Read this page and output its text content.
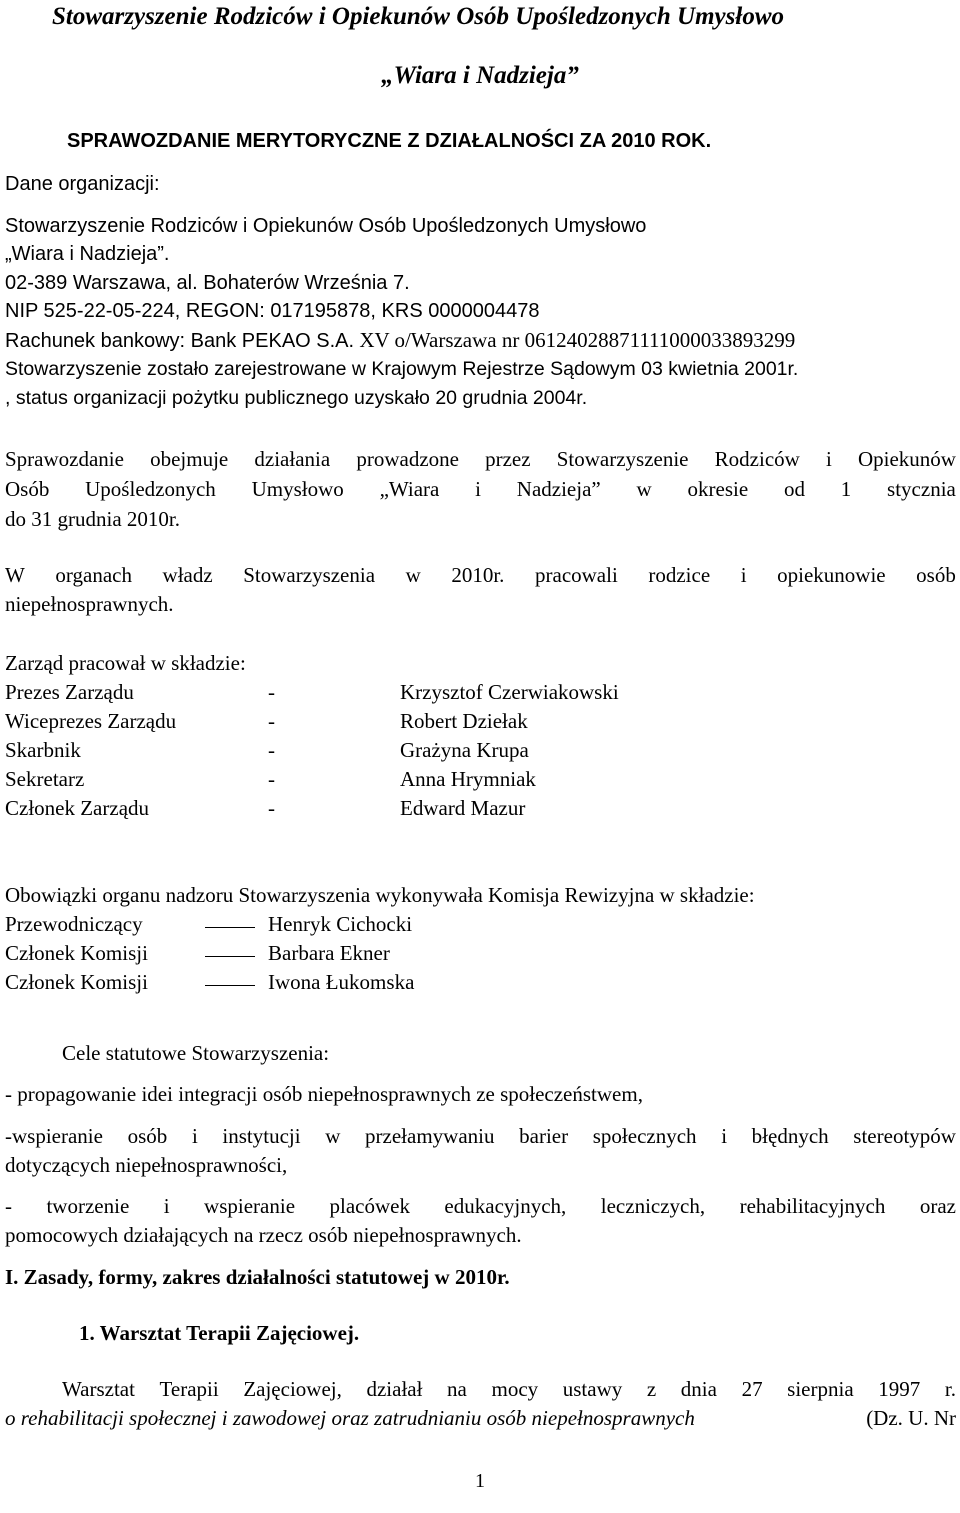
Stowarzyszenie Rodziców i Opiekunów Osób Upośledzonych Umysłowo
„Wiara i Nadzieja”
SPRAWOZDANIE MERYTORYCZNE Z DZIAŁALNOŚCI ZA 2010 ROK.
Dane organizacji:
Stowarzyszenie Rodziców i Opiekunów Osób Upośledzonych Umysłowo
„Wiara i Nadzieja”.
02-389 Warszawa, al. Bohaterów Września 7.
NIP 525-22-05-224, REGON: 017195878, KRS 0000004478
Rachunek bankowy: Bank PEKAO S.A. XV o/Warszawa nr 06124028871111000033893299
Stowarzyszenie zostało zarejestrowane w Krajowym Rejestrze Sądowym 03 kwietnia 2001r.
, status organizacji pożytku publicznego uzyskało 20 grudnia 2004r.
Sprawozdanie obejmuje działania prowadzone przez Stowarzyszenie Rodziców i Opiekunów
Osób Upośledzonych Umysłowo „Wiara i Nadzieja” w okresie od 1 stycznia
do 31 grudnia 2010r.
W organach władz Stowarzyszenia w 2010r. pracowali rodzice i opiekunowie osób
niepełnosprawnych.
Zarząd pracował w składzie:
Prezes Zarządu	-	Krzysztof Czerwiakowski
Wiceprezes Zarządu	-	Robert Dziełak
Skarbnik	-	Grażyna Krupa
Sekretarz	-	Anna Hrymniak
Członek Zarządu	-	Edward Mazur
Obowiązki organu nadzoru Stowarzyszenia wykonywała Komisja Rewizyjna w składzie:
Przewodniczący	Henryk Cichocki
Członek Komisji	Barbara Ekner
Członek Komisji	Iwona Łukomska
Cele statutowe Stowarzyszenia:
- propagowanie idei integracji osób niepełnosprawnych ze społeczeństwem,
-wspieranie osób i instytucji w przełamywaniu barier społecznych i błędnych stereotypów
dotyczących niepełnosprawności,
- tworzenie i wspieranie placówek edukacyjnych, leczniczych, rehabilitacyjnych oraz
pomocowych działających na rzecz osób niepełnosprawnych.
I. Zasady, formy, zakres działalności statutowej w 2010r.
1. Warsztat Terapii Zajęciowej.
Warsztat Terapii Zajęciowej, działał na mocy ustawy z dnia 27 sierpnia 1997 r.
o rehabilitacji społecznej i zawodowej oraz zatrudnianiu osób niepełnosprawnych	(Dz. U. Nr
1
